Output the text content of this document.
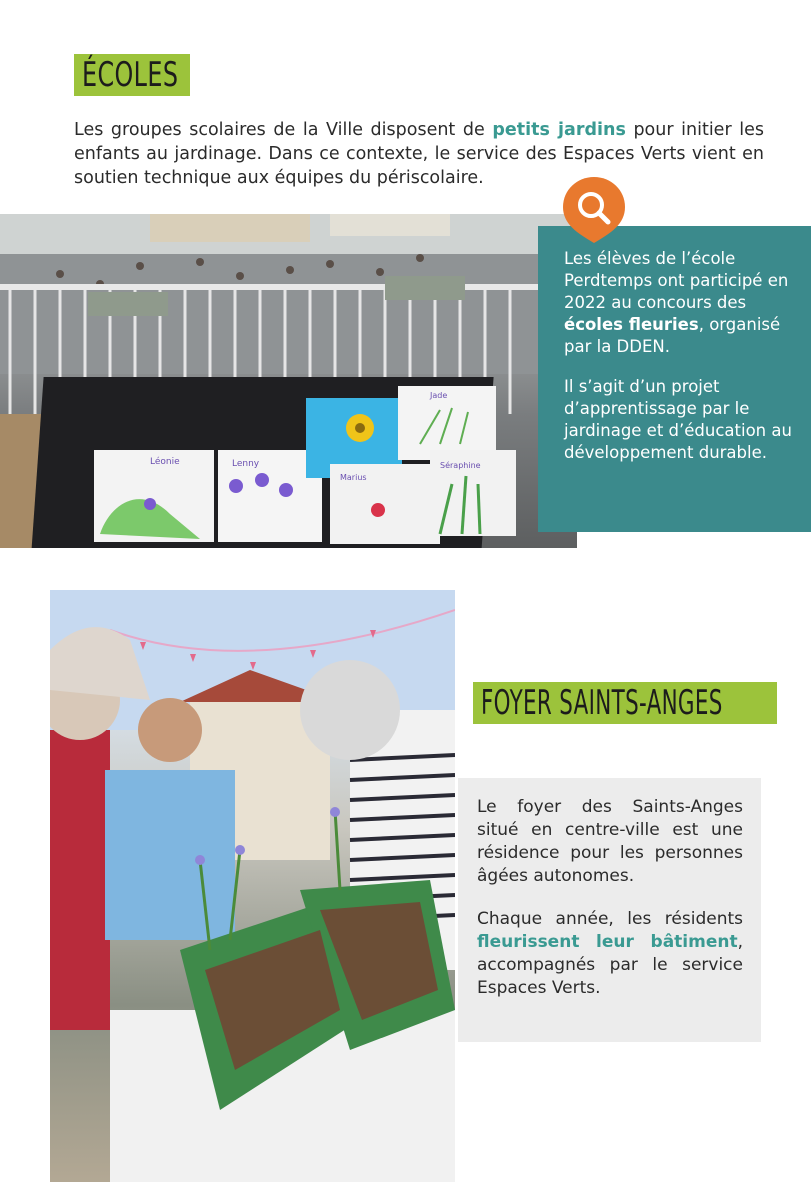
ÉCOLES
Les groupes scolaires de la Ville disposent de petits jardins pour initier les enfants au jardinage. Dans ce contexte, le service des Espaces Verts vient en soutien technique aux équipes du périscolaire.
Léonie	Lenny
Jade
Marius
Séraphine

Les élèves de l’école Perdtemps ont participé en 2022 au concours des écoles fleuries, organisé par la DDEN.

Il s’agit d’un projet d’apprentissage par le jardinage et d’éducation au développement durable.

FOYER SAINTS-ANGES

Le foyer des Saints-Anges situé en centre-ville est une résidence pour les personnes âgées autonomes.

Chaque année, les résidents fleurissent leur bâtiment, accompagnés par le service Espaces Verts.
